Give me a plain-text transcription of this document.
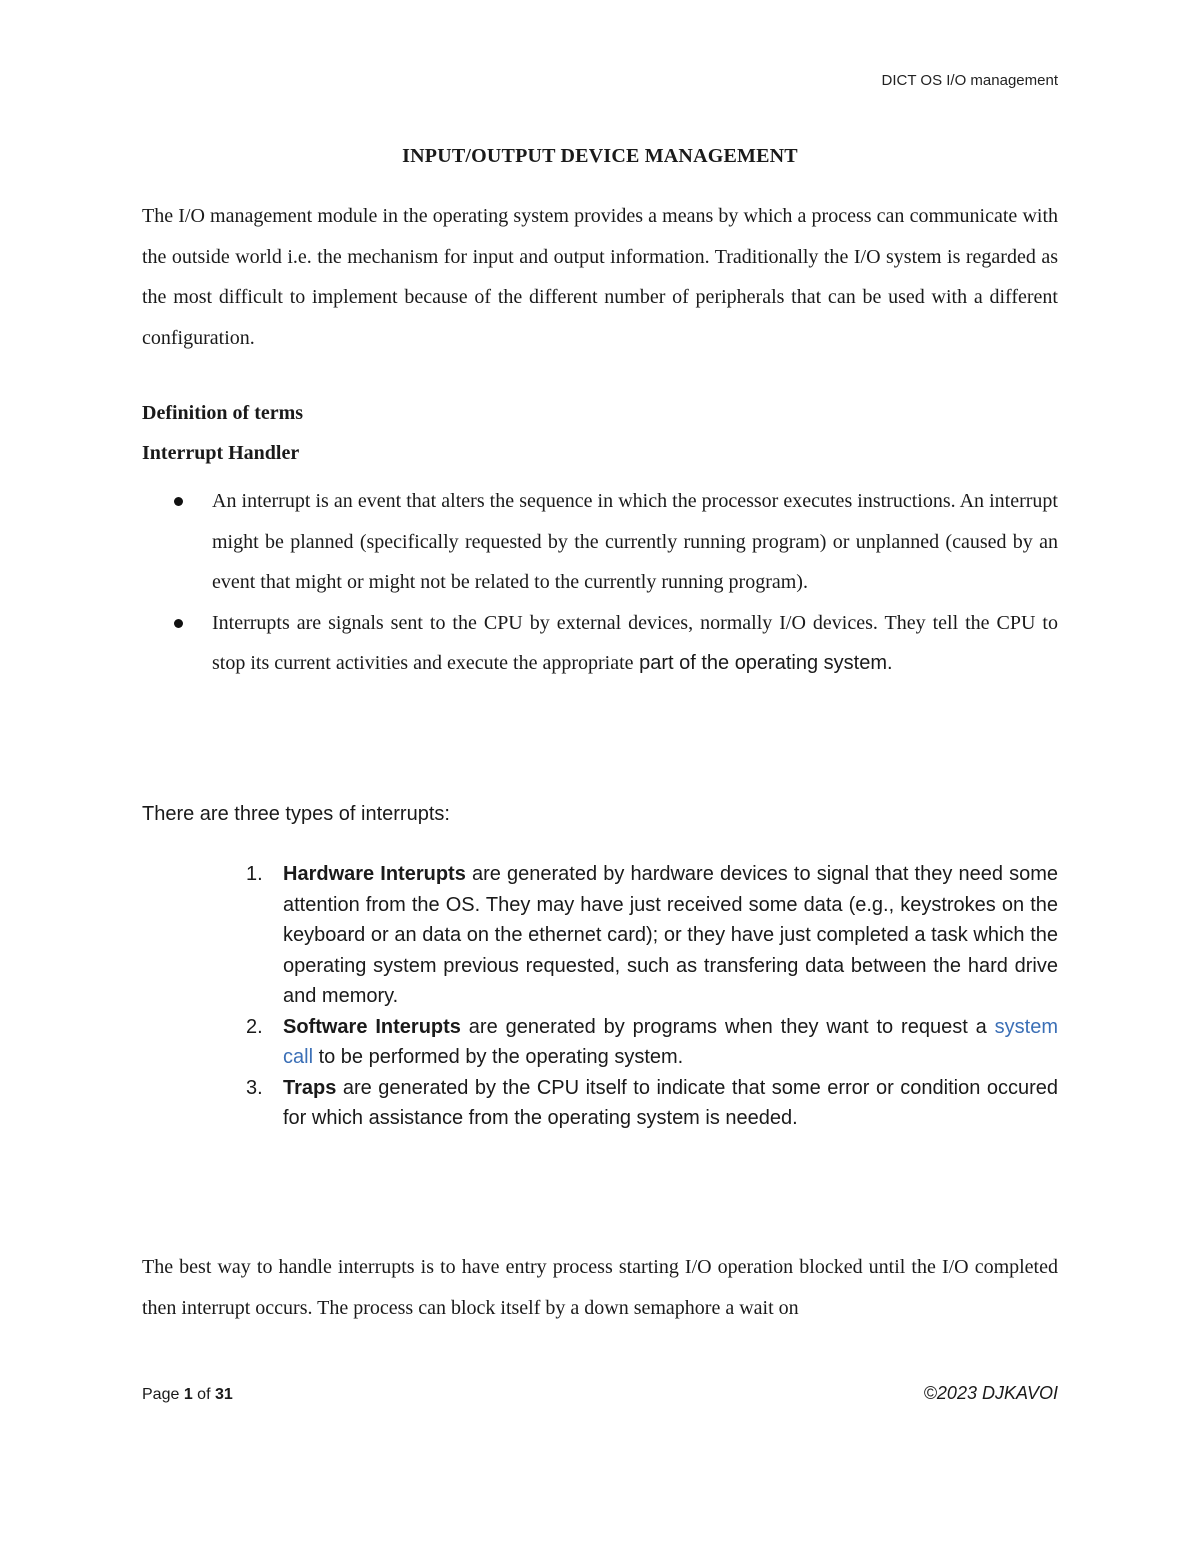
DICT OS I/O management
INPUT/OUTPUT DEVICE MANAGEMENT

The I/O management module in the operating system provides a means by which a process can communicate with the outside world i.e. the mechanism for input and output information. Traditionally the I/O system is regarded as the most difficult to implement because of the different number of peripherals that can be used with a different configuration.

Definition of terms

Interrupt Handler

An interrupt is an event that alters the sequence in which the processor executes instructions. An interrupt might be planned (specifically requested by the currently running program) or unplanned (caused by an event that might or might not be related to the currently running program).
Interrupts are signals sent to the CPU by external devices, normally I/O devices. They tell the CPU to stop its current activities and execute the appropriate part of the operating system.

There are three types of interrupts:

1. Hardware Interupts are generated by hardware devices to signal that they need some attention from the OS. They may have just received some data (e.g., keystrokes on the keyboard or an data on the ethernet card); or they have just completed a task which the operating system previous requested, such as transfering data between the hard drive and memory.
2. Software Interupts are generated by programs when they want to request a system call to be performed by the operating system.
3. Traps are generated by the CPU itself to indicate that some error or condition occured for which assistance from the operating system is needed.

The best way to handle interrupts is to have entry process starting I/O operation blocked until the I/O completed then interrupt occurs. The process can block itself by a down semaphore a wait on

Page 1 of 31	©2023 DJKAVOI
